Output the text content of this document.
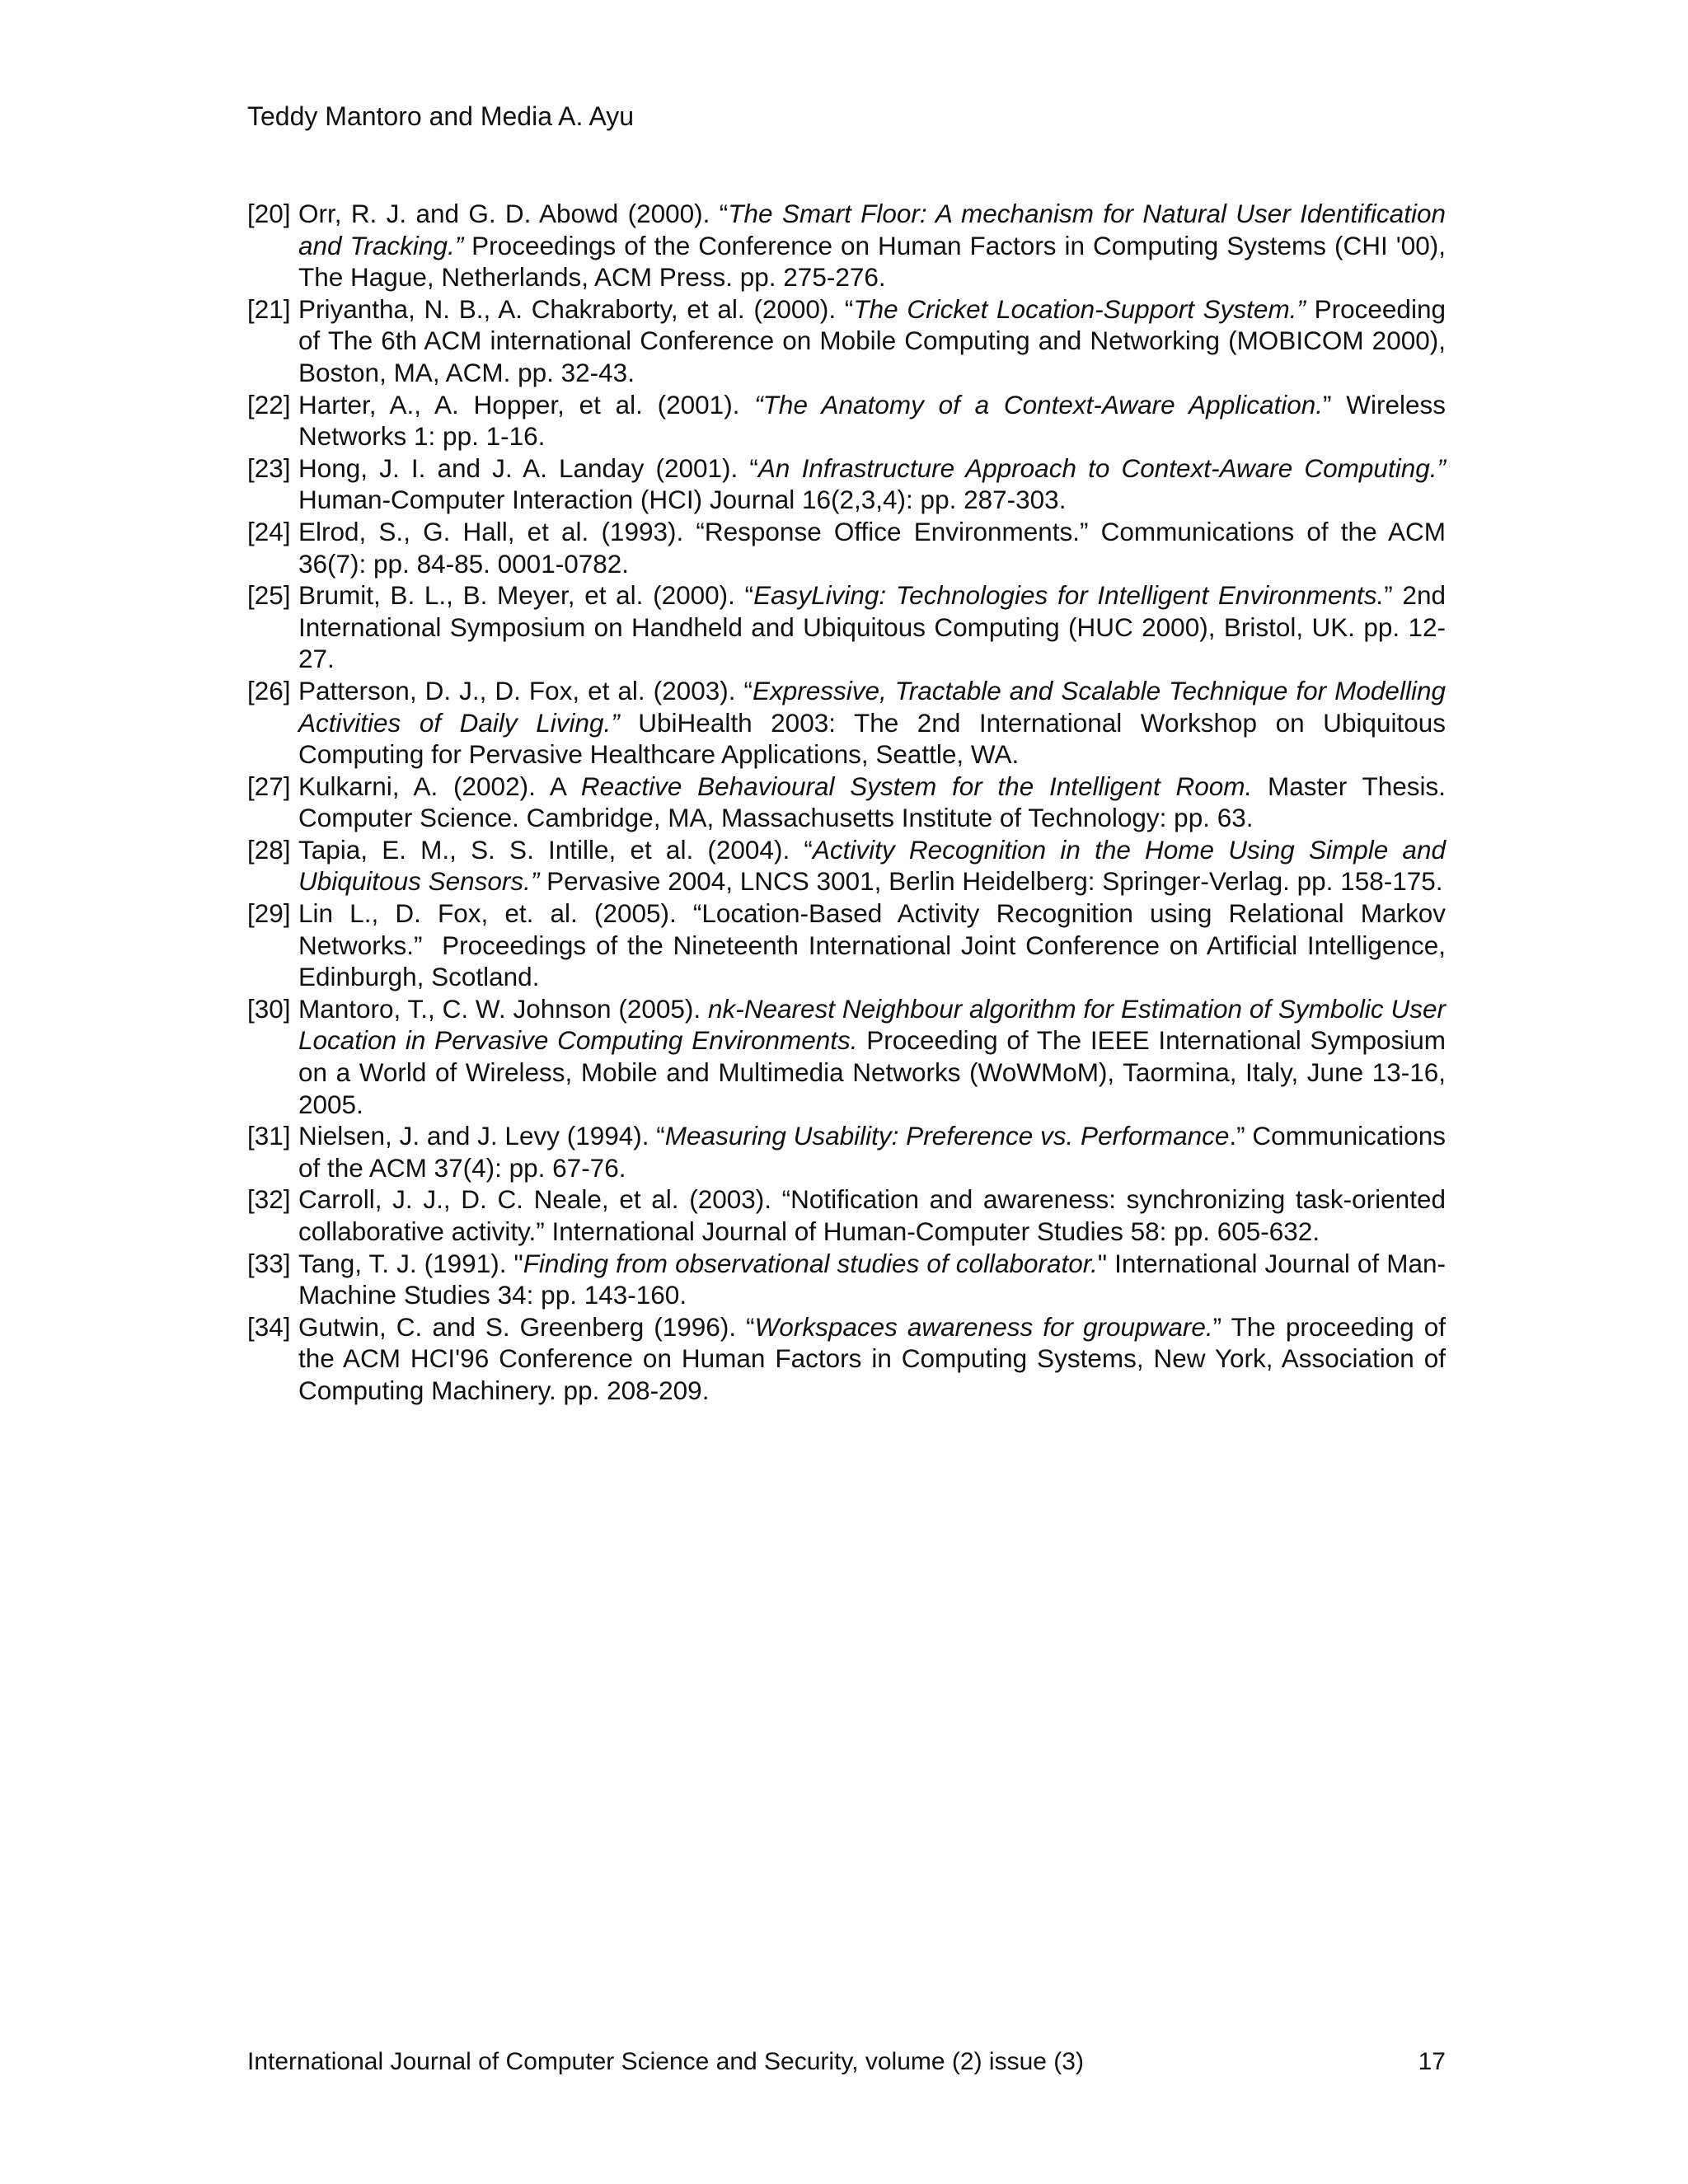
Teddy Mantoro and Media A. Ayu
[20] Orr, R. J. and G. D. Abowd (2000). “The Smart Floor: A mechanism for Natural User Identification and Tracking.” Proceedings of the Conference on Human Factors in Computing Systems (CHI '00), The Hague, Netherlands, ACM Press. pp. 275-276.
[21] Priyantha, N. B., A. Chakraborty, et al. (2000). “The Cricket Location-Support System.” Proceeding of The 6th ACM international Conference on Mobile Computing and Networking (MOBICOM 2000), Boston, MA, ACM. pp. 32-43.
[22] Harter, A., A. Hopper, et al. (2001). “The Anatomy of a Context-Aware Application.” Wireless Networks 1: pp. 1-16.
[23] Hong, J. I. and J. A. Landay (2001). “An Infrastructure Approach to Context-Aware Computing.” Human-Computer Interaction (HCI) Journal 16(2,3,4): pp. 287-303.
[24] Elrod, S., G. Hall, et al. (1993). “Response Office Environments.” Communications of the ACM 36(7): pp. 84-85. 0001-0782.
[25] Brumit, B. L., B. Meyer, et al. (2000). “EasyLiving: Technologies for Intelligent Environments.” 2nd International Symposium on Handheld and Ubiquitous Computing (HUC 2000), Bristol, UK. pp. 12-27.
[26] Patterson, D. J., D. Fox, et al. (2003). “Expressive, Tractable and Scalable Technique for Modelling Activities of Daily Living.” UbiHealth 2003: The 2nd International Workshop on Ubiquitous Computing for Pervasive Healthcare Applications, Seattle, WA.
[27] Kulkarni, A. (2002). A Reactive Behavioural System for the Intelligent Room. Master Thesis. Computer Science. Cambridge, MA, Massachusetts Institute of Technology: pp. 63.
[28] Tapia, E. M., S. S. Intille, et al. (2004). “Activity Recognition in the Home Using Simple and Ubiquitous Sensors.” Pervasive 2004, LNCS 3001, Berlin Heidelberg: Springer-Verlag. pp. 158-175.
[29] Lin L., D. Fox, et. al. (2005). “Location-Based Activity Recognition using Relational Markov Networks.”  Proceedings of the Nineteenth International Joint Conference on Artificial Intelligence, Edinburgh, Scotland.
[30] Mantoro, T., C. W. Johnson (2005). nk-Nearest Neighbour algorithm for Estimation of Symbolic User Location in Pervasive Computing Environments. Proceeding of The IEEE International Symposium on a World of Wireless, Mobile and Multimedia Networks (WoWMoM), Taormina, Italy, June 13-16, 2005.
[31] Nielsen, J. and J. Levy (1994). “Measuring Usability: Preference vs. Performance.” Communications of the ACM 37(4): pp. 67-76.
[32] Carroll, J. J., D. C. Neale, et al. (2003). “Notification and awareness: synchronizing task-oriented collaborative activity.” International Journal of Human-Computer Studies 58: pp. 605-632.
[33] Tang, T. J. (1991). "Finding from observational studies of collaborator." International Journal of Man-Machine Studies 34: pp. 143-160.
[34] Gutwin, C. and S. Greenberg (1996). “Workspaces awareness for groupware.” The proceeding of the ACM HCI'96 Conference on Human Factors in Computing Systems, New York, Association of Computing Machinery. pp. 208-209.
International Journal of Computer Science and Security, volume (2) issue (3)	17
